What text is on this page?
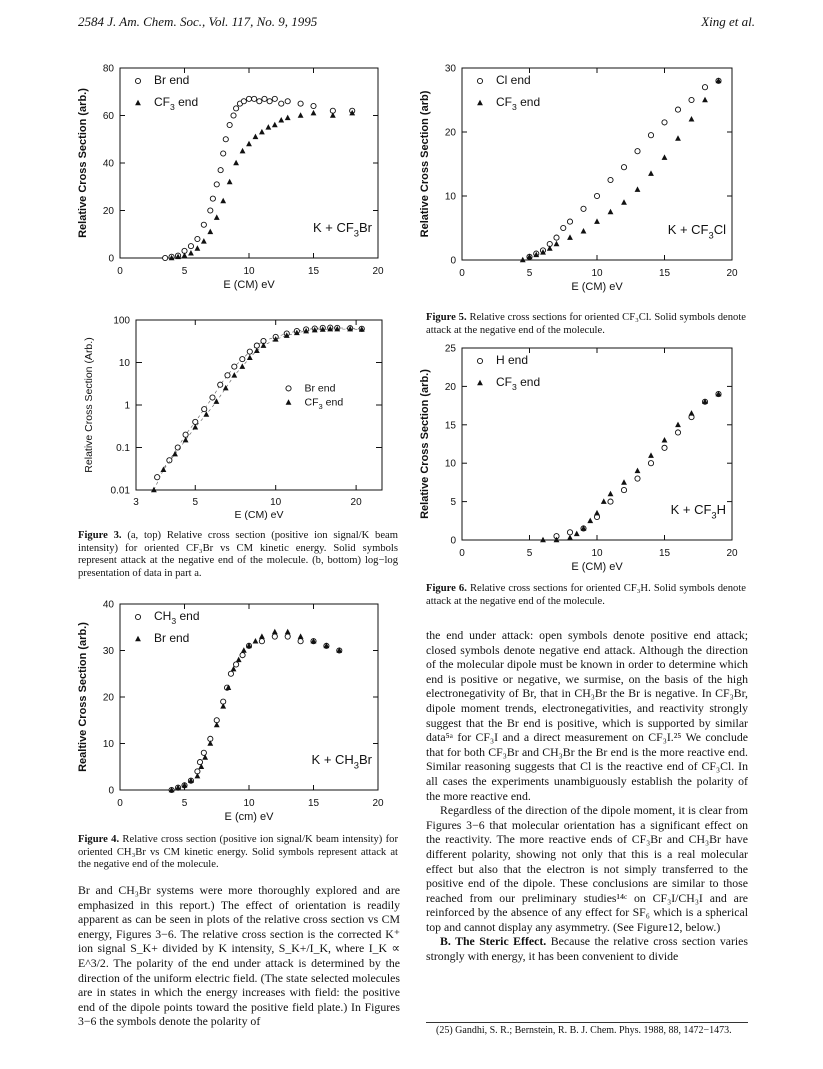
2584 J. Am. Chem. Soc., Vol. 117, No. 9, 1995	Xing et al.
0	5	10	15	20
0
20
40
60
80
E (CM) eV
Relative Cross Section (arb.)
Br end
$CF_3$ end
$K + CF_3Br$
3	5	10	20
100
10
1
0.1
0.01
E (CM) eV
Relative Cross Section (Arb.)	Br end
$CF_3$ end
0	5	10	15	20
0
10
20
30
40
E (cm) eV
Realtive Cross Section (arb.)
$CH_3$ end
Br end
$K + CH_3Br$
0	5	10	15	20
0
10
20
30
E (CM) eV
Relative Cross Section (arb)
Cl end
$CF_3$ end
$K + CF_3Cl$
0	5	10	15	20
0
5
10
15
20
25
E (CM) eV
Relative Cross Section (arb.)
H end
$CF_3$ end
$K + CF_3H$
Figure 3. (a, top) Relative cross section (positive ion signal/K beam intensity) for oriented CF₃Br vs CM kinetic energy. Solid symbols represent attack at the negative end of the molecule. (b, bottom) log−log presentation of data in part a.
Figure 4. Relative cross section (positive ion signal/K beam intensity) for oriented CH₃Br vs CM kinetic energy. Solid symbols represent attack at the negative end of the molecule.
Figure 5. Relative cross sections for oriented CF₃Cl. Solid symbols denote attack at the negative end of the molecule.
Figure 6. Relative cross sections for oriented CF₃H. Solid symbols denote attack at the negative end of the molecule.

Br and CH₃Br systems were more thoroughly explored and are emphasized in this report.) The effect of orientation is readily apparent as can be seen in plots of the relative cross section vs CM energy, Figures 3−6. The relative cross section is the corrected K⁺ ion signal S_K+ divided by K intensity, S_K+/I_K, where I_K ∝ E^3/2. The polarity of the end under attack is determined by the direction of the uniform electric field. (The state selected molecules are in states in which the energy increases with field: the positive end of the dipole points toward the positive field plate.) In Figures 3−6 the symbols denote the polarity of

the end under attack: open symbols denote positive end attack; closed symbols denote negative end attack. Although the direction of the molecular dipole must be known in order to determine which end is positive or negative, we surmise, on the basis of the high electronegativity of Br, that in CH₃Br the Br is negative. In CF₃Br, dipole moment trends, electronegativities, and reactivity strongly suggest that the Br end is positive, which is supported by similar data⁵ᵃ for CF₃I and a direct measurement on CF₃I.²⁵ We conclude that for both CF₃Br and CH₃Br the Br end is the more reactive end. Similar reasoning suggests that Cl is the reactive end of CF₃Cl. In all cases the experiments unambiguously establish the polarity of the more reactive end.

Regardless of the direction of the dipole moment, it is clear from Figures 3−6 that molecular orientation has a significant effect on the reactivity. The more reactive ends of CF₃Br and CH₃Br have different polarity, showing not only that this is a real molecular effect but also that the electron is not simply transferred to the positive end of the dipole. These conclusions are similar to those reached from our preliminary studies¹⁴ᶜ on CF₃I/CH₃I and are reinforced by the absence of any effect for SF₆ which is a spherical top and cannot display any asymmetry. (See Figure12, below.)

B. The Steric Effect. Because the relative cross section varies strongly with energy, it has been convenient to divide

(25) Gandhi, S. R.; Bernstein, R. B. J. Chem. Phys. 1988, 88, 1472−1473.
